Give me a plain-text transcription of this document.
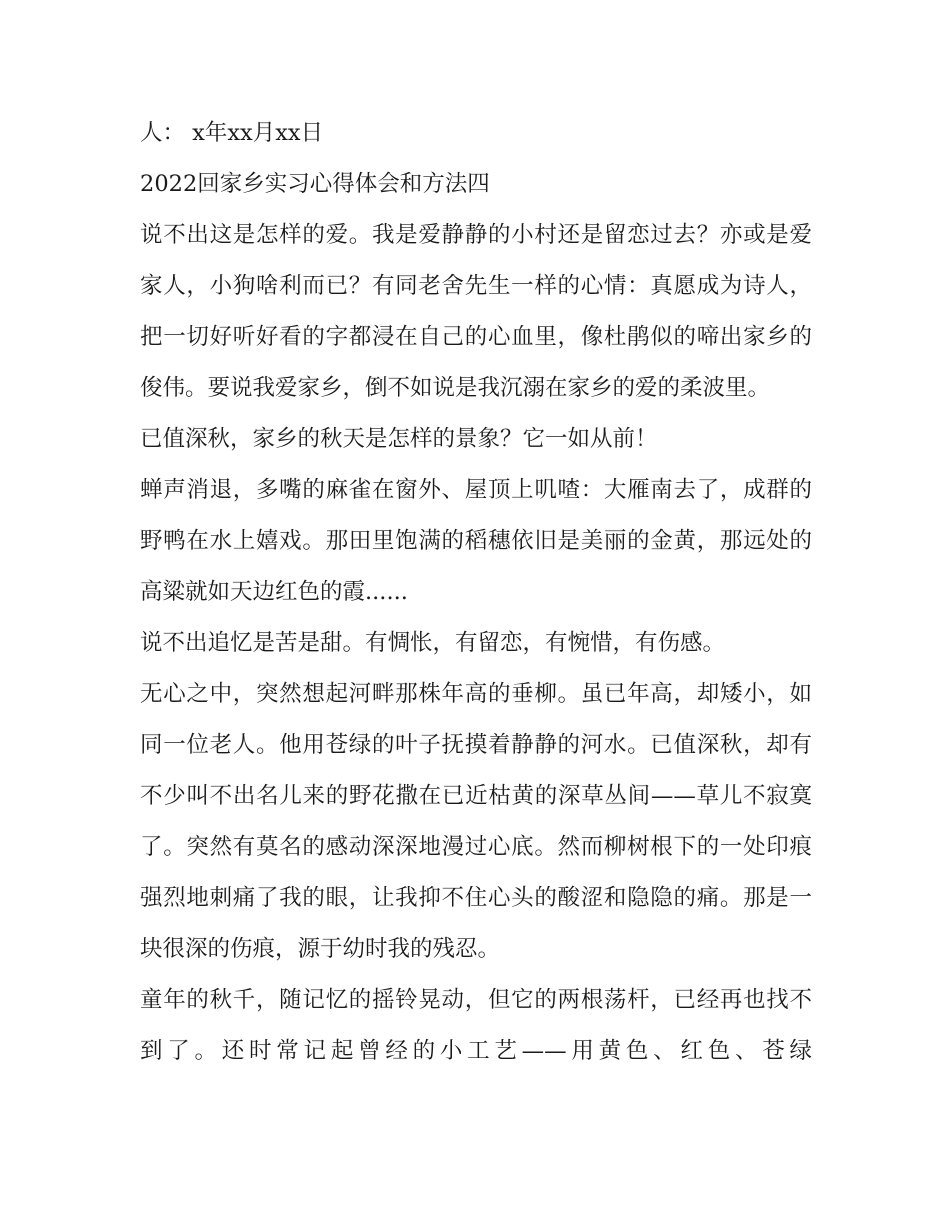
人： x年xx月xx日

2022回家乡实习心得体会和方法四

说不出这是怎样的爱。我是爱静静的小村还是留恋过去？亦或是爱家人，小狗啥利而已？有同老舍先生一样的心情：真愿成为诗人，把一切好听好看的字都浸在自己的心血里，像杜鹃似的啼出家乡的俊伟。要说我爱家乡，倒不如说是我沉溺在家乡的爱的柔波里。

已值深秋，家乡的秋天是怎样的景象？它一如从前！

蝉声消退，多嘴的麻雀在窗外、屋顶上叽喳：大雁南去了，成群的野鸭在水上嬉戏。那田里饱满的稻穗依旧是美丽的金黄，那远处的高粱就如天边红色的霞......

说不出追忆是苦是甜。有惆怅，有留恋，有惋惜，有伤感。

无心之中，突然想起河畔那株年高的垂柳。虽已年高，却矮小，如同一位老人。他用苍绿的叶子抚摸着静静的河水。已值深秋，却有不少叫不出名儿来的野花撒在已近枯黄的深草丛间——草儿不寂寞了。突然有莫名的感动深深地漫过心底。然而柳树根下的一处印痕强烈地刺痛了我的眼，让我抑不住心头的酸涩和隐隐的痛。那是一块很深的伤痕，源于幼时我的残忍。

童年的秋千，随记忆的摇铃晃动，但它的两根荡杆，已经再也找不到了。还时常记起曾经的小工艺——用黄色、红色、苍绿
